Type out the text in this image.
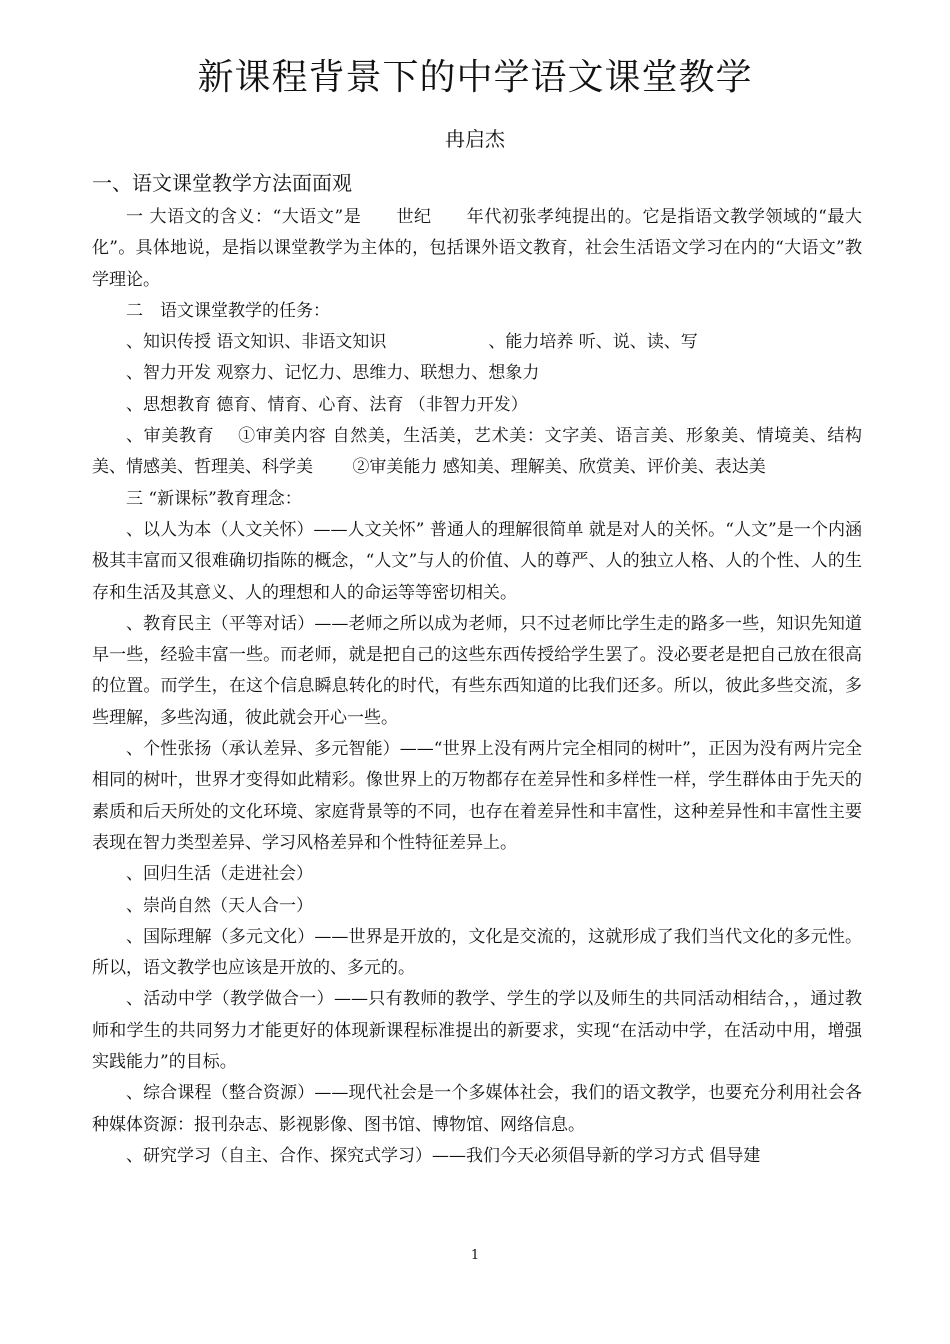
新课程背景下的中学语文课堂教学

冉启杰

一、语文课堂教学方法面面观

一 大语文的含义：“大语文”是　　世纪　　年代初张孝纯提出的。它是指语文教学领域的“最大化”。具体地说，是指以课堂教学为主体的，包括课外语文教育，社会生活语文学习在内的“大语文”教学理论。

二　语文课堂教学的任务：

、知识传授 语文知识、非语文知识　　　　　　、能力培养 听、说、读、写

、智力开发 观察力、记忆力、思维力、联想力、想象力

、思想教育 德育、情育、心育、法育 （非智力开发）

、审美教育　 ①审美内容 自然美，生活美，艺术美：文字美、语言美、形象美、情境美、结构美、情感美、哲理美、科学美　　 ②审美能力 感知美、理解美、欣赏美、评价美、表达美

三 “新课标”教育理念：

、以人为本（人文关怀）——人文关怀” 普通人的理解很简单 就是对人的关怀。“人文”是一个内涵极其丰富而又很难确切指陈的概念，“人文”与人的价值、人的尊严、人的独立人格、人的个性、人的生存和生活及其意义、人的理想和人的命运等等密切相关。

、教育民主（平等对话）——老师之所以成为老师，只不过老师比学生走的路多一些，知识先知道早一些，经验丰富一些。而老师，就是把自己的这些东西传授给学生罢了。没必要老是把自己放在很高的位置。而学生，在这个信息瞬息转化的时代，有些东西知道的比我们还多。所以，彼此多些交流，多些理解，多些沟通，彼此就会开心一些。

、个性张扬（承认差异、多元智能）——“世界上没有两片完全相同的树叶”，正因为没有两片完全相同的树叶，世界才变得如此精彩。像世界上的万物都存在差异性和多样性一样，学生群体由于先天的素质和后天所处的文化环境、家庭背景等的不同，也存在着差异性和丰富性，这种差异性和丰富性主要表现在智力类型差异、学习风格差异和个性特征差异上。

、回归生活（走进社会）

、崇尚自然（天人合一）

、国际理解（多元文化）——世界是开放的，文化是交流的，这就形成了我们当代文化的多元性。所以，语文教学也应该是开放的、多元的。

、活动中学（教学做合一）——只有教师的教学、学生的学以及师生的共同活动相结合，，通过教师和学生的共同努力才能更好的体现新课程标准提出的新要求，实现“在活动中学，在活动中用，增强实践能力”的目标。

、综合课程（整合资源）——现代社会是一个多媒体社会，我们的语文教学，也要充分利用社会各种媒体资源：报刊杂志、影视影像、图书馆、博物馆、网络信息。

、研究学习（自主、合作、探究式学习）——我们今天必须倡导新的学习方式 倡导建

1
